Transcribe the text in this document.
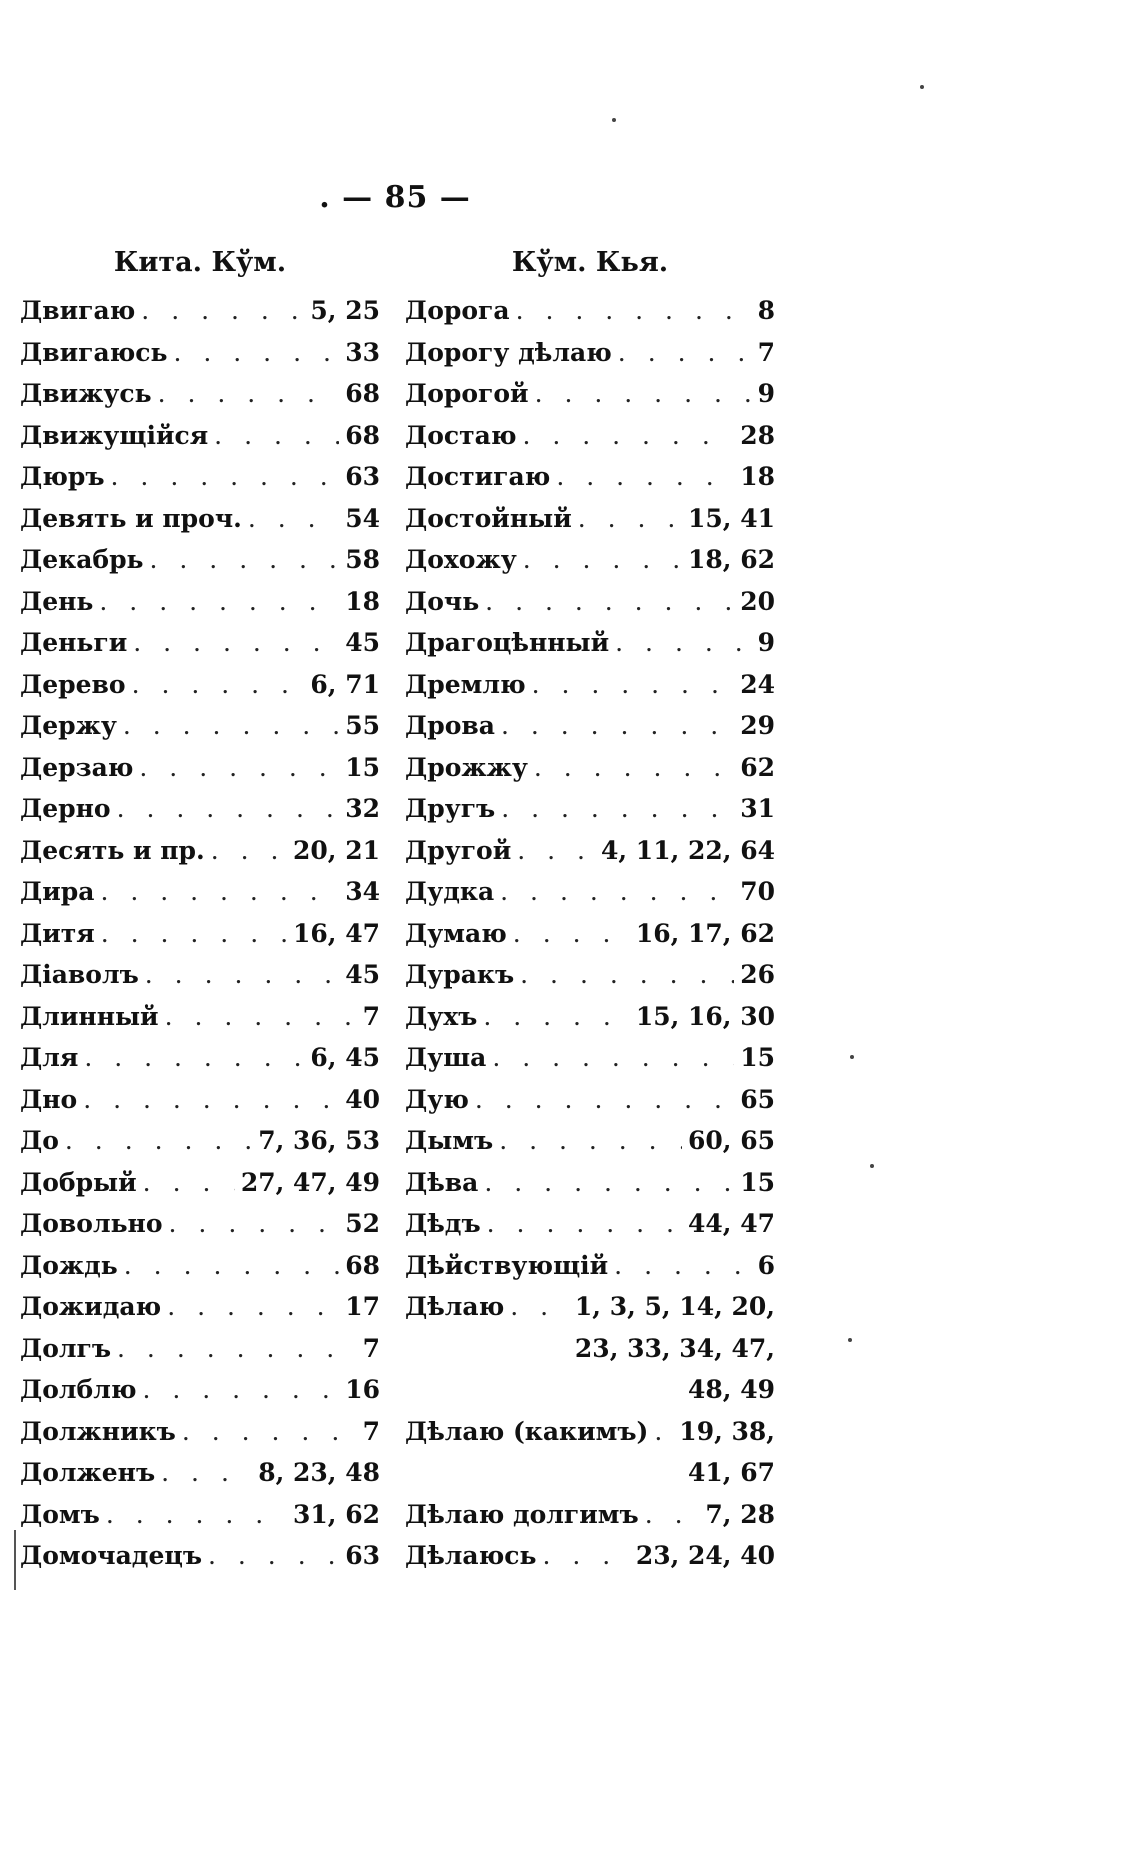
. — 85 —
Кита. Кўм.
Двигаю . . .	5, 25
Двигаюсь . . .	33
Движусь . . .	68
Движущійся . . .	68
Дюръ . . .	63
Девять и проч. . . .	54
Декабрь . . .	58
День . . .	18
Деньги . . .	45
Дерево . . .	6, 71
Держу . . .	55
Дерзаю . . .	15
Дерно . . .	32
Десять и пр. . . .	20, 21
Дира . . .	34
Дитя . . .	16, 47
Діаволъ . . .	45
Длинный . . .	7
Для . . .	6, 45
Дно . . .	40
До . . .	7, 36, 53
Добрый . . .	27, 47, 49
Довольно . . .	52
Дождь . . .	68
Дожидаю . . .	17
Долгъ . . .	7
Долблю . . .	16
Должникъ . . .	7
Долженъ . . .	8, 23, 48
Домъ . . .	31, 62
Домочадецъ . . .	63
Кўм. Кья.
Дорога . . .	8
Дорогу дѣлаю . . .	7
Дорогой . . .	9
Достаю . . .	28
Достигаю . . .	18
Достойный . . .	15, 41
Дохожу . . .	18, 62
Дочь . . .	20
Драгоцѣнный . . .	9
Дремлю . . .	24
Дрова . . .	29
Дрожжу . . .	62
Другъ . . .	31
Другой . . .	4, 11, 22, 64
Дудка . . .	70
Думаю . . .	16, 17, 62
Дуракъ . . .	26
Духъ . . .	15, 16, 30
Душа . . .	15
Дую . . .	65
Дымъ . . .	60, 65
Дѣва . . .	15
Дѣдъ . . .	44, 47
Дѣйствующій . . .	6
Дѣлаю . . .	1, 3, 5, 14, 20,
23, 33, 34, 47,
48, 49
Дѣлаю (какимъ) . . . 19, 38,
41, 67
Дѣлаю долгимъ . . .	7, 28
Дѣлаюсь . . .	23, 24, 40
